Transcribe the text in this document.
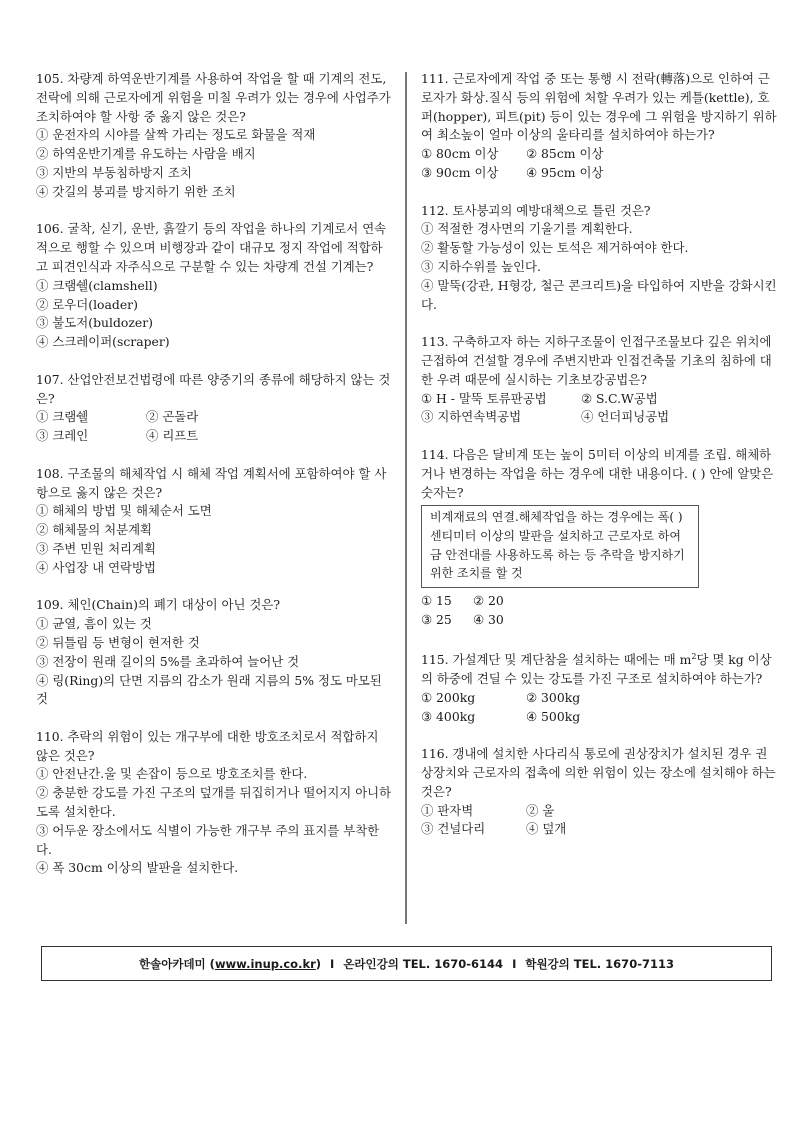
105. 차량계 하역운반기계를 사용하여 작업을 할 때 기계의 전도, 전락에 의해 근로자에게 위험을 미칠 우려가 있는 경우에 사업주가 조치하여야 할 사항 중 옳지 않은 것은?

① 운전자의 시야를 살짝 가리는 정도로 화물을 적재
② 하역운반기계를 유도하는 사람을 배지
③ 지반의 부동침하방지 조치
④ 갓길의 붕괴를 방지하기 위한 조치

106. 굴착, 싣기, 운반, 흙깔기 등의 작업을 하나의 기계로서 연속적으로 행할 수 있으며 비행장과 같이 대규모 정지 작업에 적합하고 피견인식과 자주식으로 구분할 수 있는 차량계 건설 기계는?

① 크램쉘(clamshell)
② 로우더(loader)
③ 불도저(buldozer)
④ 스크레이퍼(scraper)

107. 산업안전보건법령에 따른 양중기의 종류에 해당하지 않는 것은?

① 크램쉘	② 곤돌라
③ 크레인	④ 리프트

108. 구조물의 해체작업 시 해체 작업 계획서에 포함하여야 할 사항으로 옳지 않은 것은?

① 해체의 방법 및 해체순서 도면
② 해체물의 처분계획
③ 주변 민원 처리계획
④ 사업장 내 연락방법

109. 체인(Chain)의 폐기 대상이 아닌 것은?

① 균열, 흠이 있는 것
② 뒤틀림 등 변형이 현저한 것
③ 전장이 원래 길이의 5%를 초과하여 늘어난 것
④ 링(Ring)의 단면 지름의 감소가 원래 지름의 5% 정도 마모된 것

110. 추락의 위험이 있는 개구부에 대한 방호조치로서 적합하지 않은 것은?

① 안전난간.울 및 손잡이 등으로 방호조치를 한다.
② 충분한 강도를 가진 구조의 덮개를 뒤집히거나 떨어지지 아니하도록 설치한다.
③ 어두운 장소에서도 식별이 가능한 개구부 주의 표지를 부착한다.
④ 폭 30cm 이상의 발판을 설치한다.

111. 근로자에게 작업 중 또는 통행 시 전락(轉落)으로 인하여 근로자가 화상.질식 등의 위험에 처할 우려가 있는 케틀(kettle), 호퍼(hopper), 피트(pit) 등이 있는 경우에 그 위험을 방지하기 위하여 최소높이 얼마 이상의 울타리를 설치하여야 하는가?

① 80cm 이상	② 85cm 이상
③ 90cm 이상	④ 95cm 이상

112. 토사붕괴의 예방대책으로 틀린 것은?

① 적절한 경사면의 기울기를 계획한다.
② 활동할 가능성이 있는 토석은 제거하여야 한다.
③ 지하수위를 높인다.
④ 말뚝(강관, H형강, 철근 콘크리트)을 타입하여 지반을 강화시킨다.

113. 구축하고자 하는 지하구조물이 인접구조물보다 깊은 위치에 근접하여 건설할 경우에 주변지반과 인접건축물 기초의 침하에 대한 우려 때문에 실시하는 기초보강공법은?

① H - 말뚝 토류판공법	② S.C.W공법
③ 지하연속벽공법	④ 언더피닝공법

114. 다음은 달비계 또는 높이 5미터 이상의 비계를 조립. 해체하거나 변경하는 작업을 하는 경우에 대한 내용이다. ( ) 안에 알맞은 숫자는?

비계재료의 연결.해체작업을 하는 경우에는 폭( )센티미터 이상의 발판을 설치하고 근로자로 하여금 안전대를 사용하도록 하는 등 추락을 방지하기 위한 조치를 할 것
① 15	② 20
③ 25	④ 30

115. 가설계단 및 계단참을 설치하는 때에는 매 $m^2$당 몇 kg 이상의 하중에 견딜 수 있는 강도를 가진 구조로 설치하여야 하는가?

① 200kg	② 300kg
③ 400kg	④ 500kg

116. 갱내에 설치한 사다리식 통로에 권상장치가 설치된 경우 권상장치와 근로자의 접촉에 의한 위험이 있는 장소에 설치해야 하는 것은?

① 판자벽	② 울
③ 건널다리	④ 덮개
한솔아카데미 ( www.inup.co.kr ) I 온라인강의 TEL. 1670-6144 I 학원강의 TEL. 1670-7113
